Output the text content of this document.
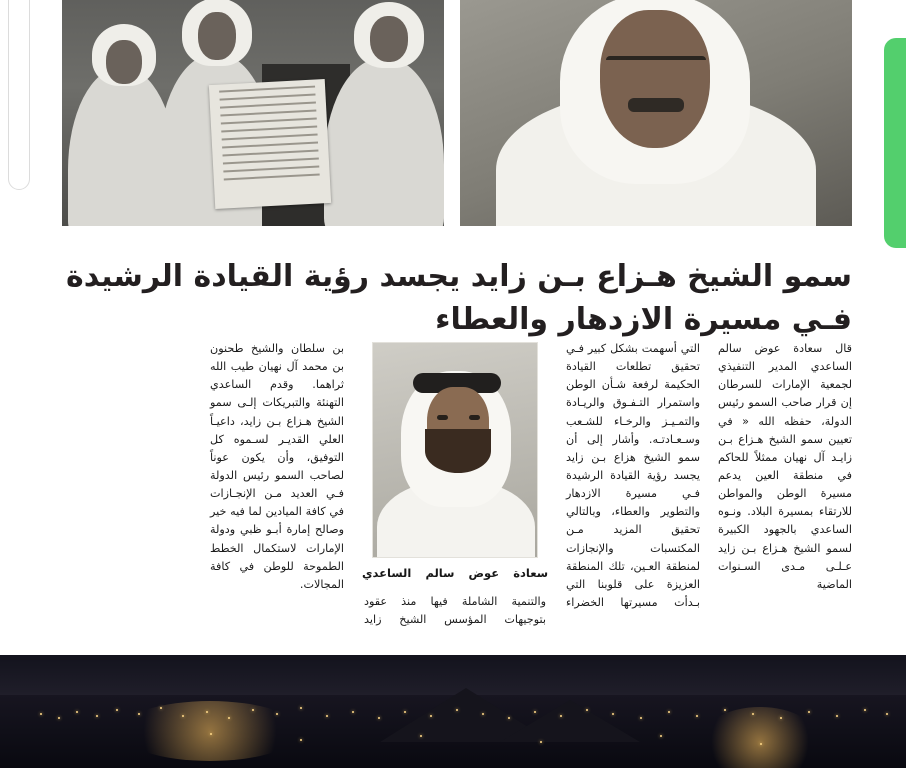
سمو الشيخ هـزاع بـن زايد يجسد رؤية القيادة الرشيدة فـي مسيرة الازدهار والعطاء

قال سعادة عوض سالم الساعدي المدير التنفيذي لجمعية الإمارات للسرطان إن قرار صاحب السمو رئيس الدولة، حفظه الله « في تعيين سمو الشيخ هـزاع بـن زايـد آل نهيان ممثلاً للحاكم في منطقة العين يدعم مسيرة الوطن والمواطن للارتقاء بمسيرة البلاد. ونـوه الساعدي بالجهود الكبيرة لسمو الشيخ هـزاع بـن زايد عـلـى مـدى السـنوات الماضية

التي أسهمت بشكل كبير فـي تحقيق تطلعات القيادة الحكيمة لرفعة شـأن الوطن واستمرار التـفـوق والريـادة والتمـيـز والرخـاء للشـعب وسـعـادتـه. وأشار إلى أن سمو الشيخ هزاع بـن زايد يجسد رؤية القيادة الرشيدة فـي مسيرة الازدهار والتطوير والعطاء، وبالتالي تحقيق المزيد مـن المكتسبات والإنجازات لمنطقة العـين، تلك المنطقة العزيزة على قلوبنا التي بـدأت مسيرتها الخضراء

سعادة عوض سالم الساعدي
والتنمية الشاملة فيها منذ عقود بتوجيهات المؤسس الشيخ زايد

بن سلطان والشيخ طحنون بن محمد آل نهيان طيب الله ثراهما. وقدم الساعدي التهنئة والتبريكات إلـى سمو الشيخ هـزاع بـن زايد، داعيـاً العلي القديـر لسـموه كل التوفيق، وأن يكون عوناً لصاحب السمو رئيس الدولة فـي العديد مـن الإنجـازات في كافة الميادين لما فيه خير وصالح إمارة أبـو ظبي ودولة الإمارات لاستكمال الخطط الطموحة للوطن في كافة المجالات.
